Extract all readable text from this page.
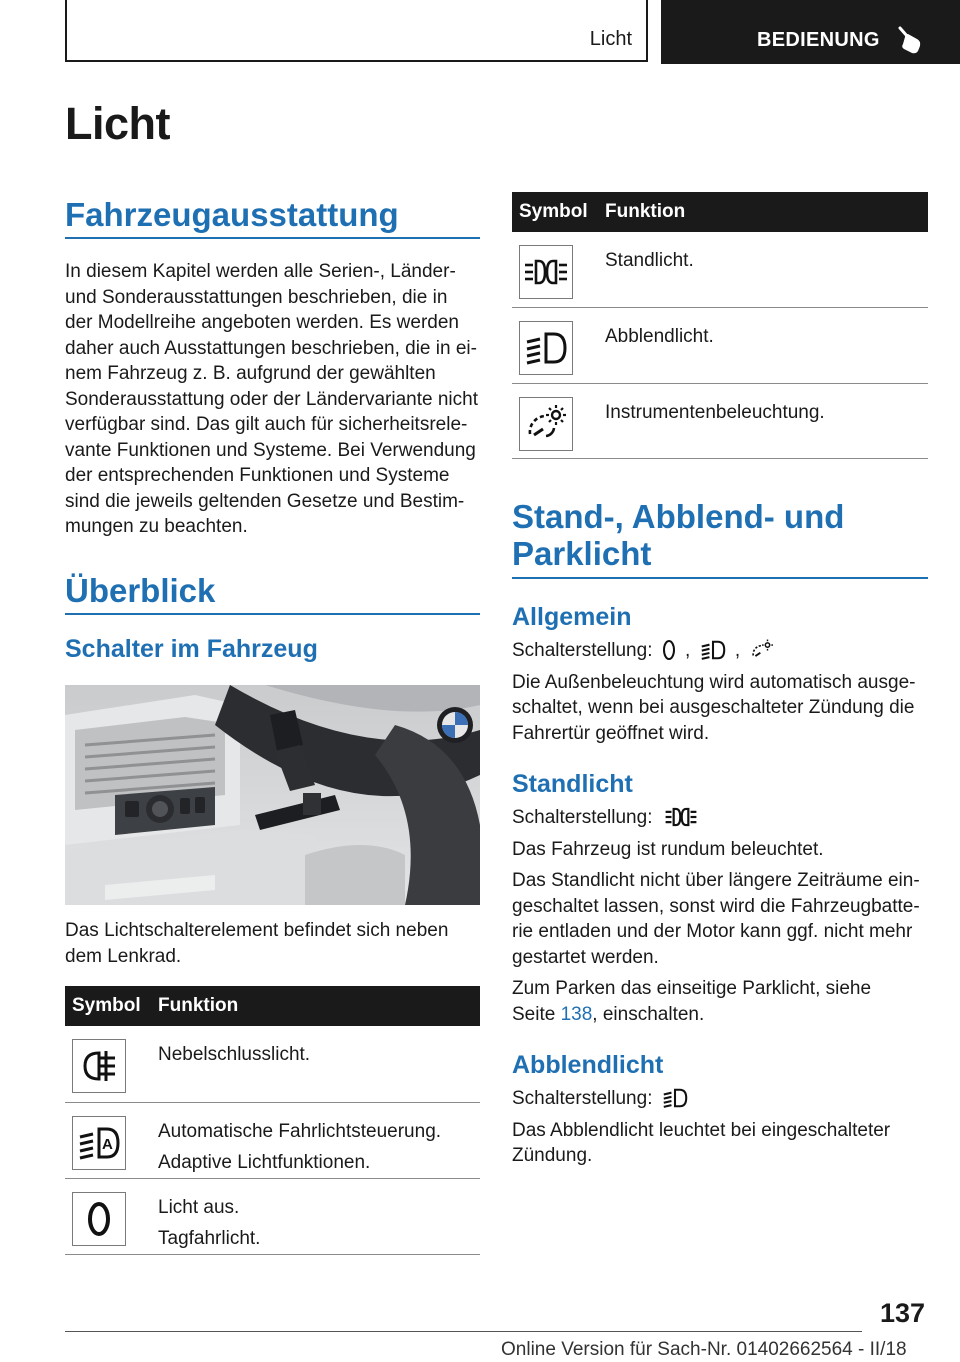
Licht	BEDIENUNG
Licht
Fahrzeugausstattung
In diesem Kapitel werden alle Serien-, Länder-
und Sonderausstattungen beschrieben, die in
der Modellreihe angeboten werden. Es werden
daher auch Ausstattungen beschrieben, die in ei-
nem Fahrzeug z. B. aufgrund der gewählten
Sonderausstattung oder der Ländervariante nicht
verfügbar sind. Das gilt auch für sicherheitsrele-
vante Funktionen und Systeme. Bei Verwendung
der entsprechenden Funktionen und Systeme
sind die jeweils geltenden Gesetze und Bestim-
mungen zu beachten.
Überblick
Schalter im Fahrzeug
Das Lichtschalterelement befindet sich neben
dem Lenkrad.
Symbol	Funktion

Nebelschlusslicht.

A	Automatische Fahrlichtsteuerung.
Adaptive Lichtfunktionen.

Licht aus.
Tagfahrlicht.
Symbol	Funktion

Standlicht.

Abblendlicht.

Instrumentenbeleuchtung.
Stand-, Abblend- und
Parklicht
Allgemein
Schalterstellung: , ,
Die Außenbeleuchtung wird automatisch ausge-
schaltet, wenn bei ausgeschalteter Zündung die
Fahrertür geöffnet wird.
Standlicht
Schalterstellung:
Das Fahrzeug ist rundum beleuchtet.
Das Standlicht nicht über längere Zeiträume ein-
geschaltet lassen, sonst wird die Fahrzeugbatte-
rie entladen und der Motor kann ggf. nicht mehr
gestartet werden.
Zum Parken das einseitige Parklicht, siehe
Seite 138, einschalten.
Abblendlicht
Schalterstellung:
Das Abblendlicht leuchtet bei eingeschalteter
Zündung.
137
Online Version für Sach-Nr. 01402662564 - II/18
